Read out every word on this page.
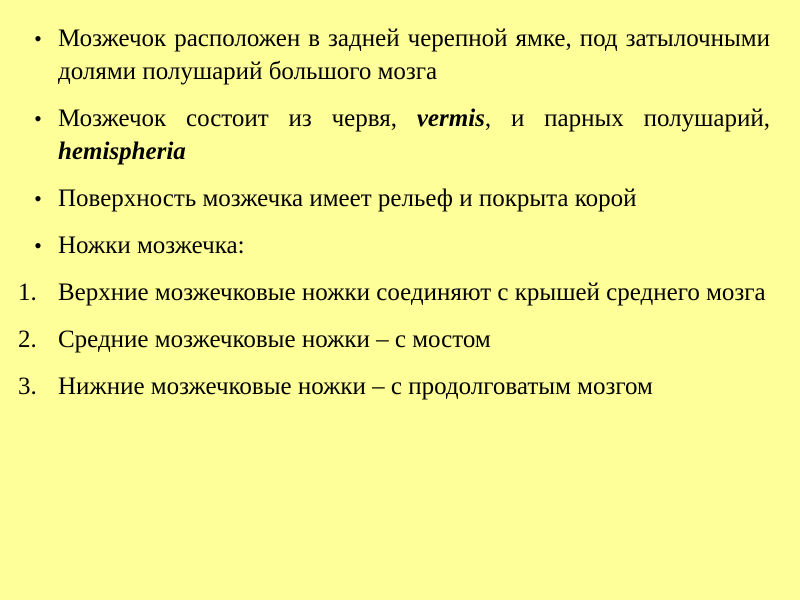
• Мозжечок расположен в задней черепной ямке, под затылочными долями полушарий большого мозга
• Мозжечок состоит из червя, vermis, и парных полушарий, hemispheria
• Поверхность мозжечка имеет рельеф и покрыта корой
• Ножки мозжечка:
1. Верхние мозжечковые ножки соединяют с крышей среднего мозга
2. Средние мозжечковые ножки – с мостом
3. Нижние мозжечковые ножки – с продолговатым мозгом
